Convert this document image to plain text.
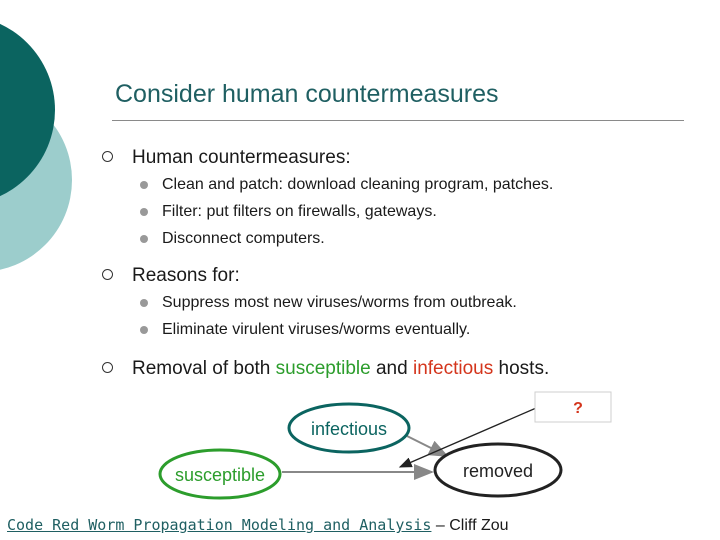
Consider human countermeasures
Human countermeasures:
Clean and patch: download cleaning program, patches.
Filter: put filters on firewalls, gateways.
Disconnect computers.
Reasons for:
Suppress most new viruses/worms from outbreak.
Eliminate virulent viruses/worms eventually.
Removal of both susceptible and infectious hosts.
infectious
susceptible	removed
?
Code Red Worm Propagation Modeling and Analysis – Cliff Zou
